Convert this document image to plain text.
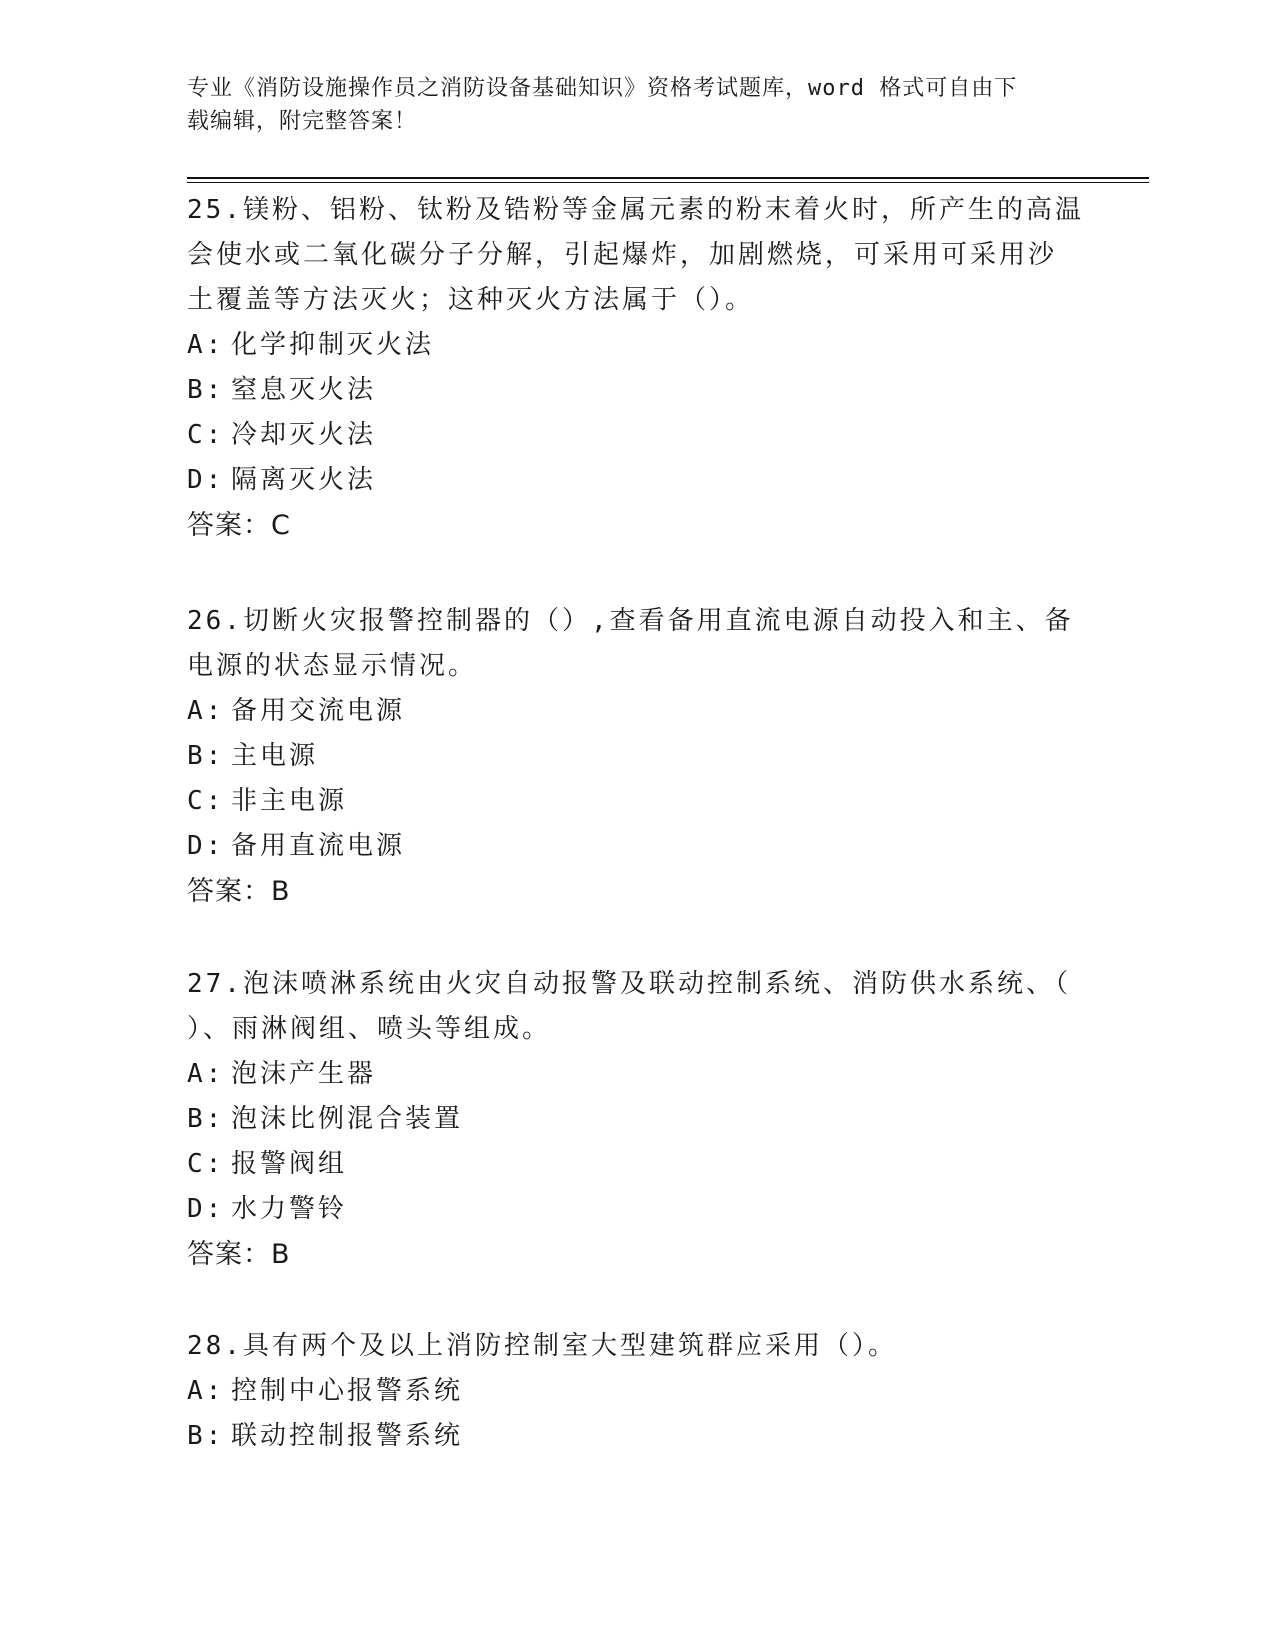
专业《消防设施操作员之消防设备基础知识》资格考试题库，word 格式可自由下
载编辑，附完整答案！

25.镁粉、铝粉、钛粉及锆粉等金属元素的粉末着火时，所产生的高温

会使水或二氧化碳分子分解，引起爆炸，加剧燃烧，可采用可采用沙

土覆盖等方法灭火；这种灭火方法属于（）。

A: 化学抑制灭火法

B: 窒息灭火法

C: 冷却灭火法

D: 隔离灭火法

答案：C

26.切断火灾报警控制器的（）,查看备用直流电源自动投入和主、备

电源的状态显示情况。

A: 备用交流电源

B: 主电源

C: 非主电源

D: 备用直流电源

答案：B

27.泡沫喷淋系统由火灾自动报警及联动控制系统、消防供水系统、（

）、雨淋阀组、喷头等组成。

A: 泡沫产生器

B: 泡沫比例混合装置

C: 报警阀组

D: 水力警铃

答案：B

28.具有两个及以上消防控制室大型建筑群应采用（）。

A: 控制中心报警系统

B: 联动控制报警系统
